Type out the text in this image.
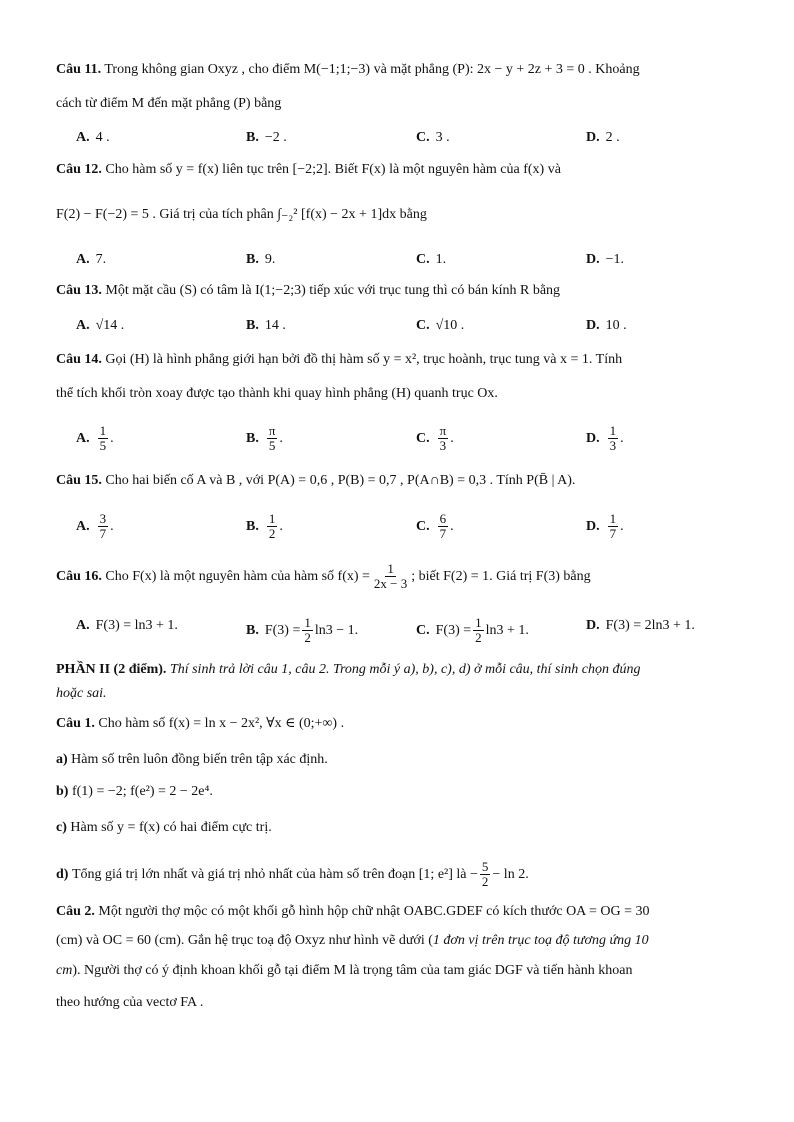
Câu 11. Trong không gian Oxyz , cho điểm M(−1;1;−3) và mặt phẳng (P): 2x − y + 2z + 3 = 0 . Khoảng
cách từ điểm M đến mặt phẳng (P) bằng
A. 4 .	B. −2 .	C. 3 .	D. 2 .
Câu 12. Cho hàm số y = f(x) liên tục trên [−2;2]. Biết F(x) là một nguyên hàm của f(x) và
F(2) − F(−2) = 5 . Giá trị của tích phân ∫₋₂² [f(x) − 2x + 1]dx bằng
A. 7.	B. 9.	C. 1.	D. −1.
Câu 13. Một mặt cầu (S) có tâm là I(1;−2;3) tiếp xúc với trục tung thì có bán kính R bằng
A. √14 .	B. 14 .	C. √10 .	D. 10 .
Câu 14. Gọi (H) là hình phẳng giới hạn bởi đồ thị hàm số y = x², trục hoành, trục tung và x = 1. Tính
thể tích khối tròn xoay được tạo thành khi quay hình phẳng (H) quanh trục Ox.
A. $\frac{1}{5}$ .	B. $\frac{\pi}{5}$ .	C. $\frac{\pi}{3}$ .	D. $\frac{1}{3}$ .
Câu 15. Cho hai biến cố A và B , với P(A) = 0,6 , P(B) = 0,7 , P(A∩B) = 0,3 . Tính P(B̄ | A).
A. $\frac{3}{7}$ .	B. $\frac{1}{2}$ .	C. $\frac{6}{7}$ .	D. $\frac{1}{7}$ .
Câu 16.
Cho F(x) là một nguyên hàm của hàm số $f(x) = \frac{1}{2x - 3}$ ; biết F(2) = 1. Giá trị F(3) bằng
A. F(3) = ln3 + 1.	B. $F(3) = \frac{1}{2} \ln 3 - 1$.	C. $F(3) = \frac{1}{2} \ln 3 + 1$.	D. F(3) = 2ln3 + 1.
PHẦN II (2 điểm). Thí sinh trả lời câu 1, câu 2. Trong mỗi ý a), b), c), d) ở mỗi câu, thí sinh chọn đúng
hoặc sai.
Câu 1. Cho hàm số f(x) = ln x − 2x², ∀x ∈ (0;+∞) .
a) Hàm số trên luôn đồng biến trên tập xác định.
b) f(1) = −2; f(e²) = 2 − 2e⁴.
c) Hàm số y = f(x) có hai điểm cực trị.
d)
Tổng giá trị lớn nhất và giá trị nhỏ nhất của hàm số trên đoạn [1; e²] là − $\frac{5}{2} - \ln 2$.
Câu 2. Một người thợ mộc có một khối gỗ hình hộp chữ nhật OABC.GDEF có kích thước OA = OG = 30
(cm) và OC = 60 (cm). Gắn hệ trục toạ độ Oxyz như hình vẽ dưới (1 đơn vị trên trục toạ độ tương ứng 10
cm). Người thợ có ý định khoan khối gỗ tại điểm M là trọng tâm của tam giác DGF và tiến hành khoan
theo hướng của vectơ FA .
